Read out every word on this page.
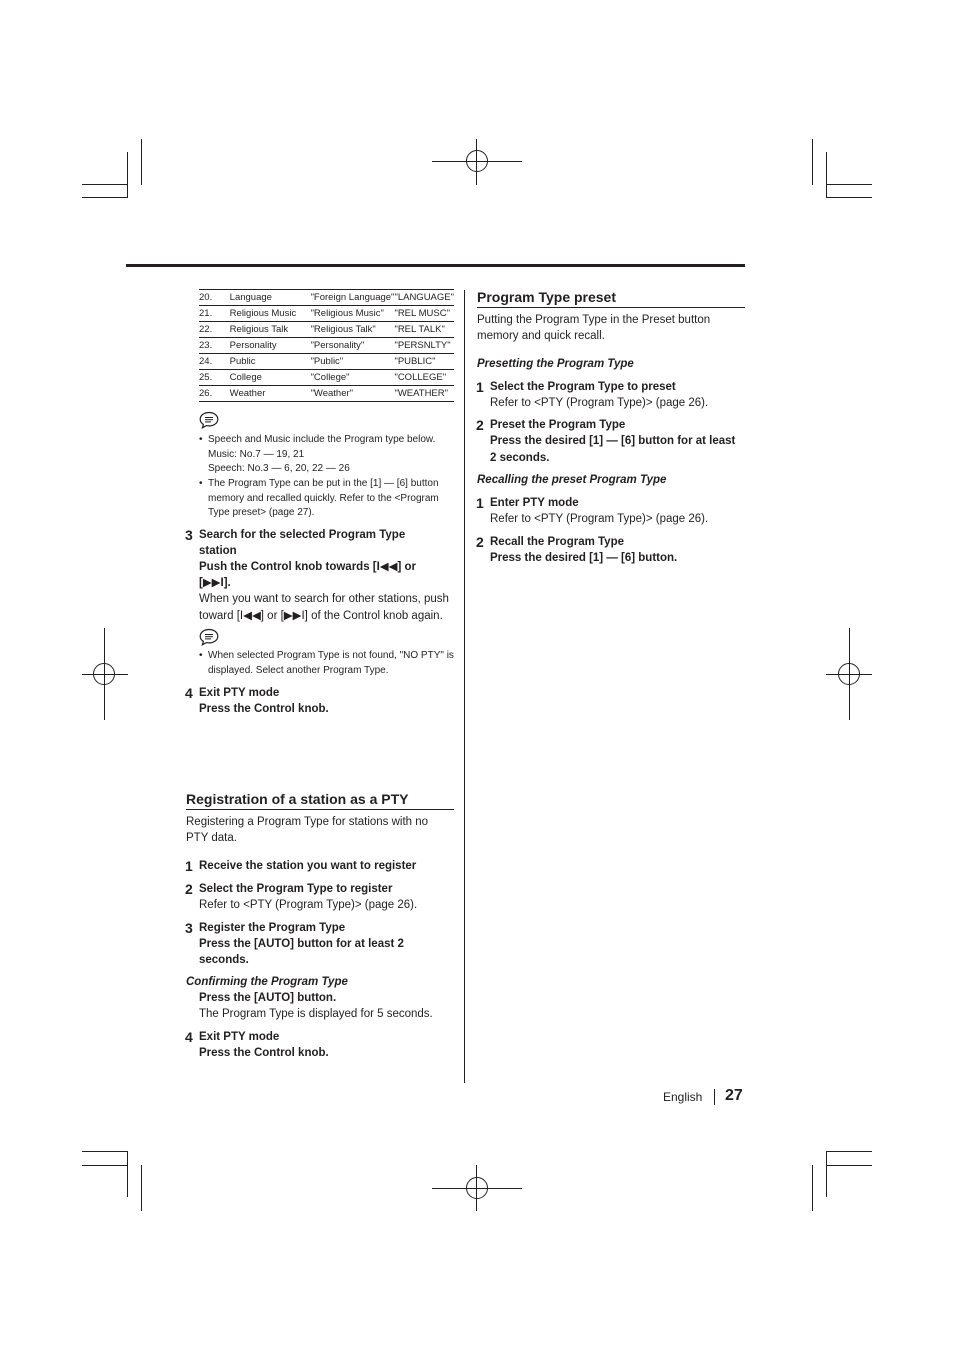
20.	Language	"Foreign Language"	"LANGUAGE"
21.	Religious Music	"Religious Music"	"REL MUSC"
22.	Religious Talk	"Religious Talk"	"REL TALK"
23.	Personality	"Personality"	"PERSNLTY"
24.	Public	"Public"	"PUBLIC"
25.	College	"College"	"COLLEGE"
26.	Weather	"Weather"	"WEATHER"
• Speech and Music include the Program type below.
Music: No.7 — 19, 21
Speech: No.3 — 6, 20, 22 — 26
• The Program Type can be put in the [1] — [6] button
memory and recalled quickly. Refer to the <Program
Type preset> (page 27).
3 Search for the selected Program Type
station
Push the Control knob towards [I◀◀] or
[▶▶I].
When you want to search for other stations, push
toward [I◀◀] or [▶▶I] of the Control knob again.
• When selected Program Type is not found, "NO PTY" is
displayed. Select another Program Type.
4 Exit PTY mode
Press the Control knob.
Registration of a station as a PTY
Registering a Program Type for stations with no
PTY data.
1 Receive the station you want to register
2 Select the Program Type to register
Refer to <PTY (Program Type)> (page 26).
3 Register the Program Type
Press the [AUTO] button for at least 2
seconds.
Confirming the Program Type
Press the [AUTO] button.
The Program Type is displayed for 5 seconds.
4 Exit PTY mode
Press the Control knob.
Program Type preset
Putting the Program Type in the Preset button
memory and quick recall.
Presetting the Program Type
1 Select the Program Type to preset
Refer to <PTY (Program Type)> (page 26).
2 Preset the Program Type
Press the desired [1] — [6] button for at least
2 seconds.
Recalling the preset Program Type
1 Enter PTY mode
Refer to <PTY (Program Type)> (page 26).
2 Recall the Program Type
Press the desired [1] — [6] button.
English 27
